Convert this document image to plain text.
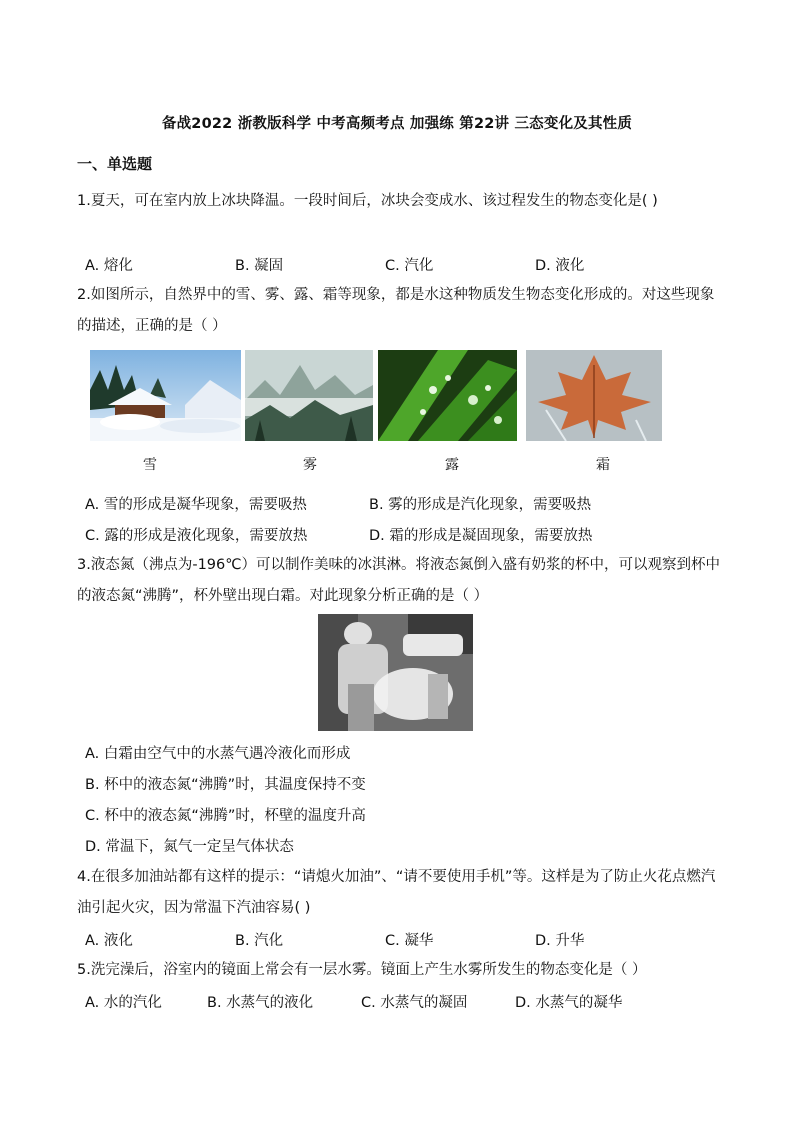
备战2022 浙教版科学 中考高频考点 加强练 第22讲 三态变化及其性质
一、单选题
1.夏天，可在室内放上冰块降温。一段时间后，冰块会变成水、该过程发生的物态变化是( )
A. 熔化	B. 凝固	C. 汽化	D. 液化
2.如图所示，自然界中的雪、雾、露、霜等现象，都是水这种物质发生物态变化形成的。对这些现象的描述，正确的是（ ）
雪	雾	露	霜
A. 雪的形成是凝华现象，需要吸热	B. 雾的形成是汽化现象，需要吸热
C. 露的形成是液化现象，需要放热	D. 霜的形成是凝固现象，需要放热
3.液态氮（沸点为-196℃）可以制作美味的冰淇淋。将液态氮倒入盛有奶浆的杯中，可以观察到杯中的液态氮“沸腾”，杯外壁出现白霜。对此现象分析正确的是（ ）
A. 白霜由空气中的水蒸气遇冷液化而形成
B. 杯中的液态氮“沸腾”时，其温度保持不变
C. 杯中的液态氮“沸腾”时，杯壁的温度升高
D. 常温下，氮气一定呈气体状态
4.在很多加油站都有这样的提示：“请熄火加油”、“请不要使用手机”等。这样是为了防止火花点燃汽油引起火灾，因为常温下汽油容易( )
A. 液化	B. 汽化	C. 凝华	D. 升华
5.洗完澡后，浴室内的镜面上常会有一层水雾。镜面上产生水雾所发生的物态变化是（ ）
A. 水的汽化	B. 水蒸气的液化	C. 水蒸气的凝固	D. 水蒸气的凝华
